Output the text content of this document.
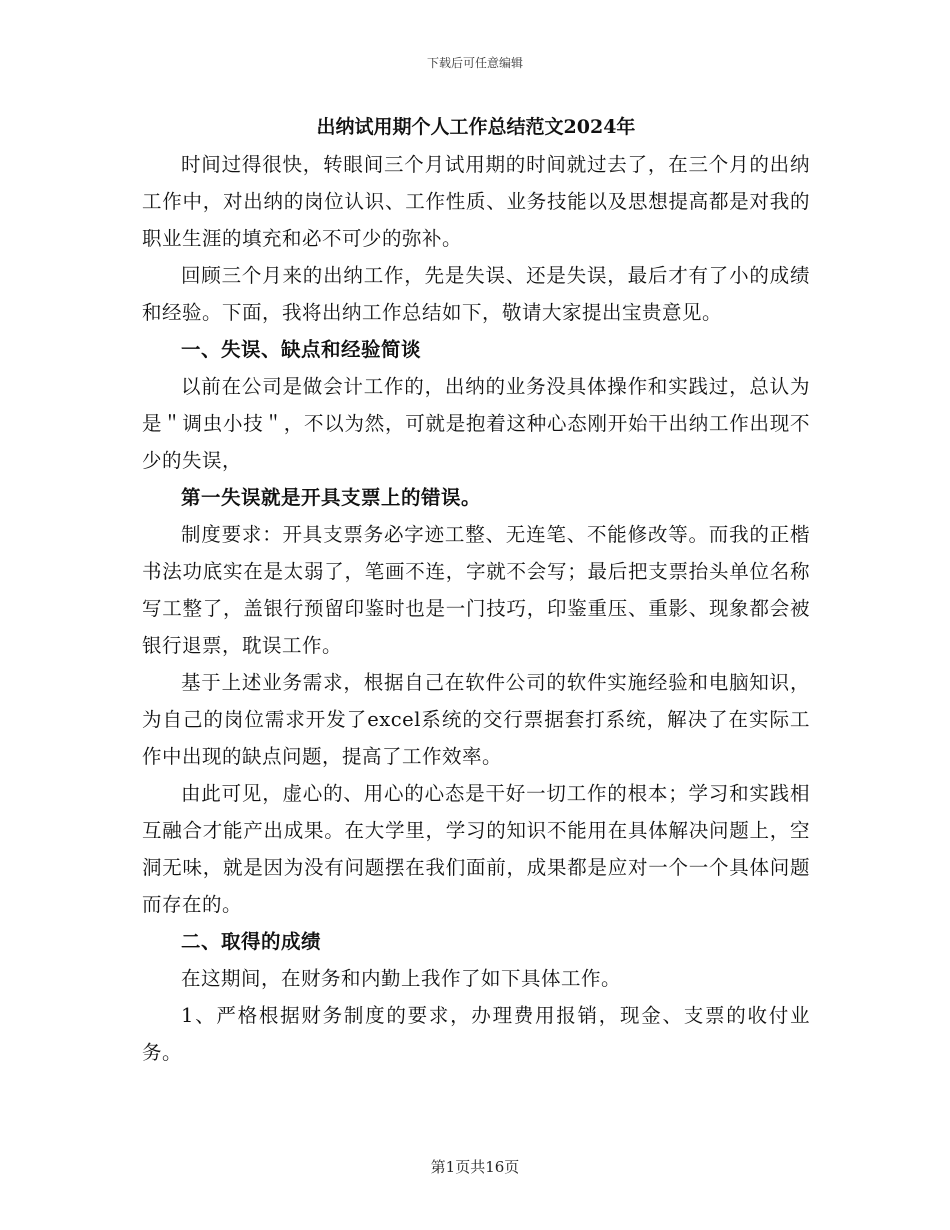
下载后可任意编辑
出纳试用期个人工作总结范文2024年

时间过得很快，转眼间三个月试用期的时间就过去了，在三个月的出纳工作中，对出纳的岗位认识、工作性质、业务技能以及思想提高都是对我的职业生涯的填充和必不可少的弥补。

回顾三个月来的出纳工作，先是失误、还是失误，最后才有了小的成绩和经验。下面，我将出纳工作总结如下，敬请大家提出宝贵意见。

一、失误、缺点和经验简谈

以前在公司是做会计工作的，出纳的业务没具体操作和实践过，总认为是＂调虫小技＂，不以为然，可就是抱着这种心态刚开始干出纳工作出现不少的失误，

第一失误就是开具支票上的错误。

制度要求：开具支票务必字迹工整、无连笔、不能修改等。而我的正楷书法功底实在是太弱了，笔画不连，字就不会写；最后把支票抬头单位名称写工整了，盖银行预留印鉴时也是一门技巧，印鉴重压、重影、现象都会被银行退票，耽误工作。

基于上述业务需求，根据自己在软件公司的软件实施经验和电脑知识，为自己的岗位需求开发了excel系统的交行票据套打系统，解决了在实际工作中出现的缺点问题，提高了工作效率。

由此可见，虚心的、用心的心态是干好一切工作的根本；学习和实践相互融合才能产出成果。在大学里，学习的知识不能用在具体解决问题上，空洞无味，就是因为没有问题摆在我们面前，成果都是应对一个一个具体问题而存在的。

二、取得的成绩

在这期间，在财务和内勤上我作了如下具体工作。

1、严格根据财务制度的要求，办理费用报销，现金、支票的收付业务。

第1页共16页
